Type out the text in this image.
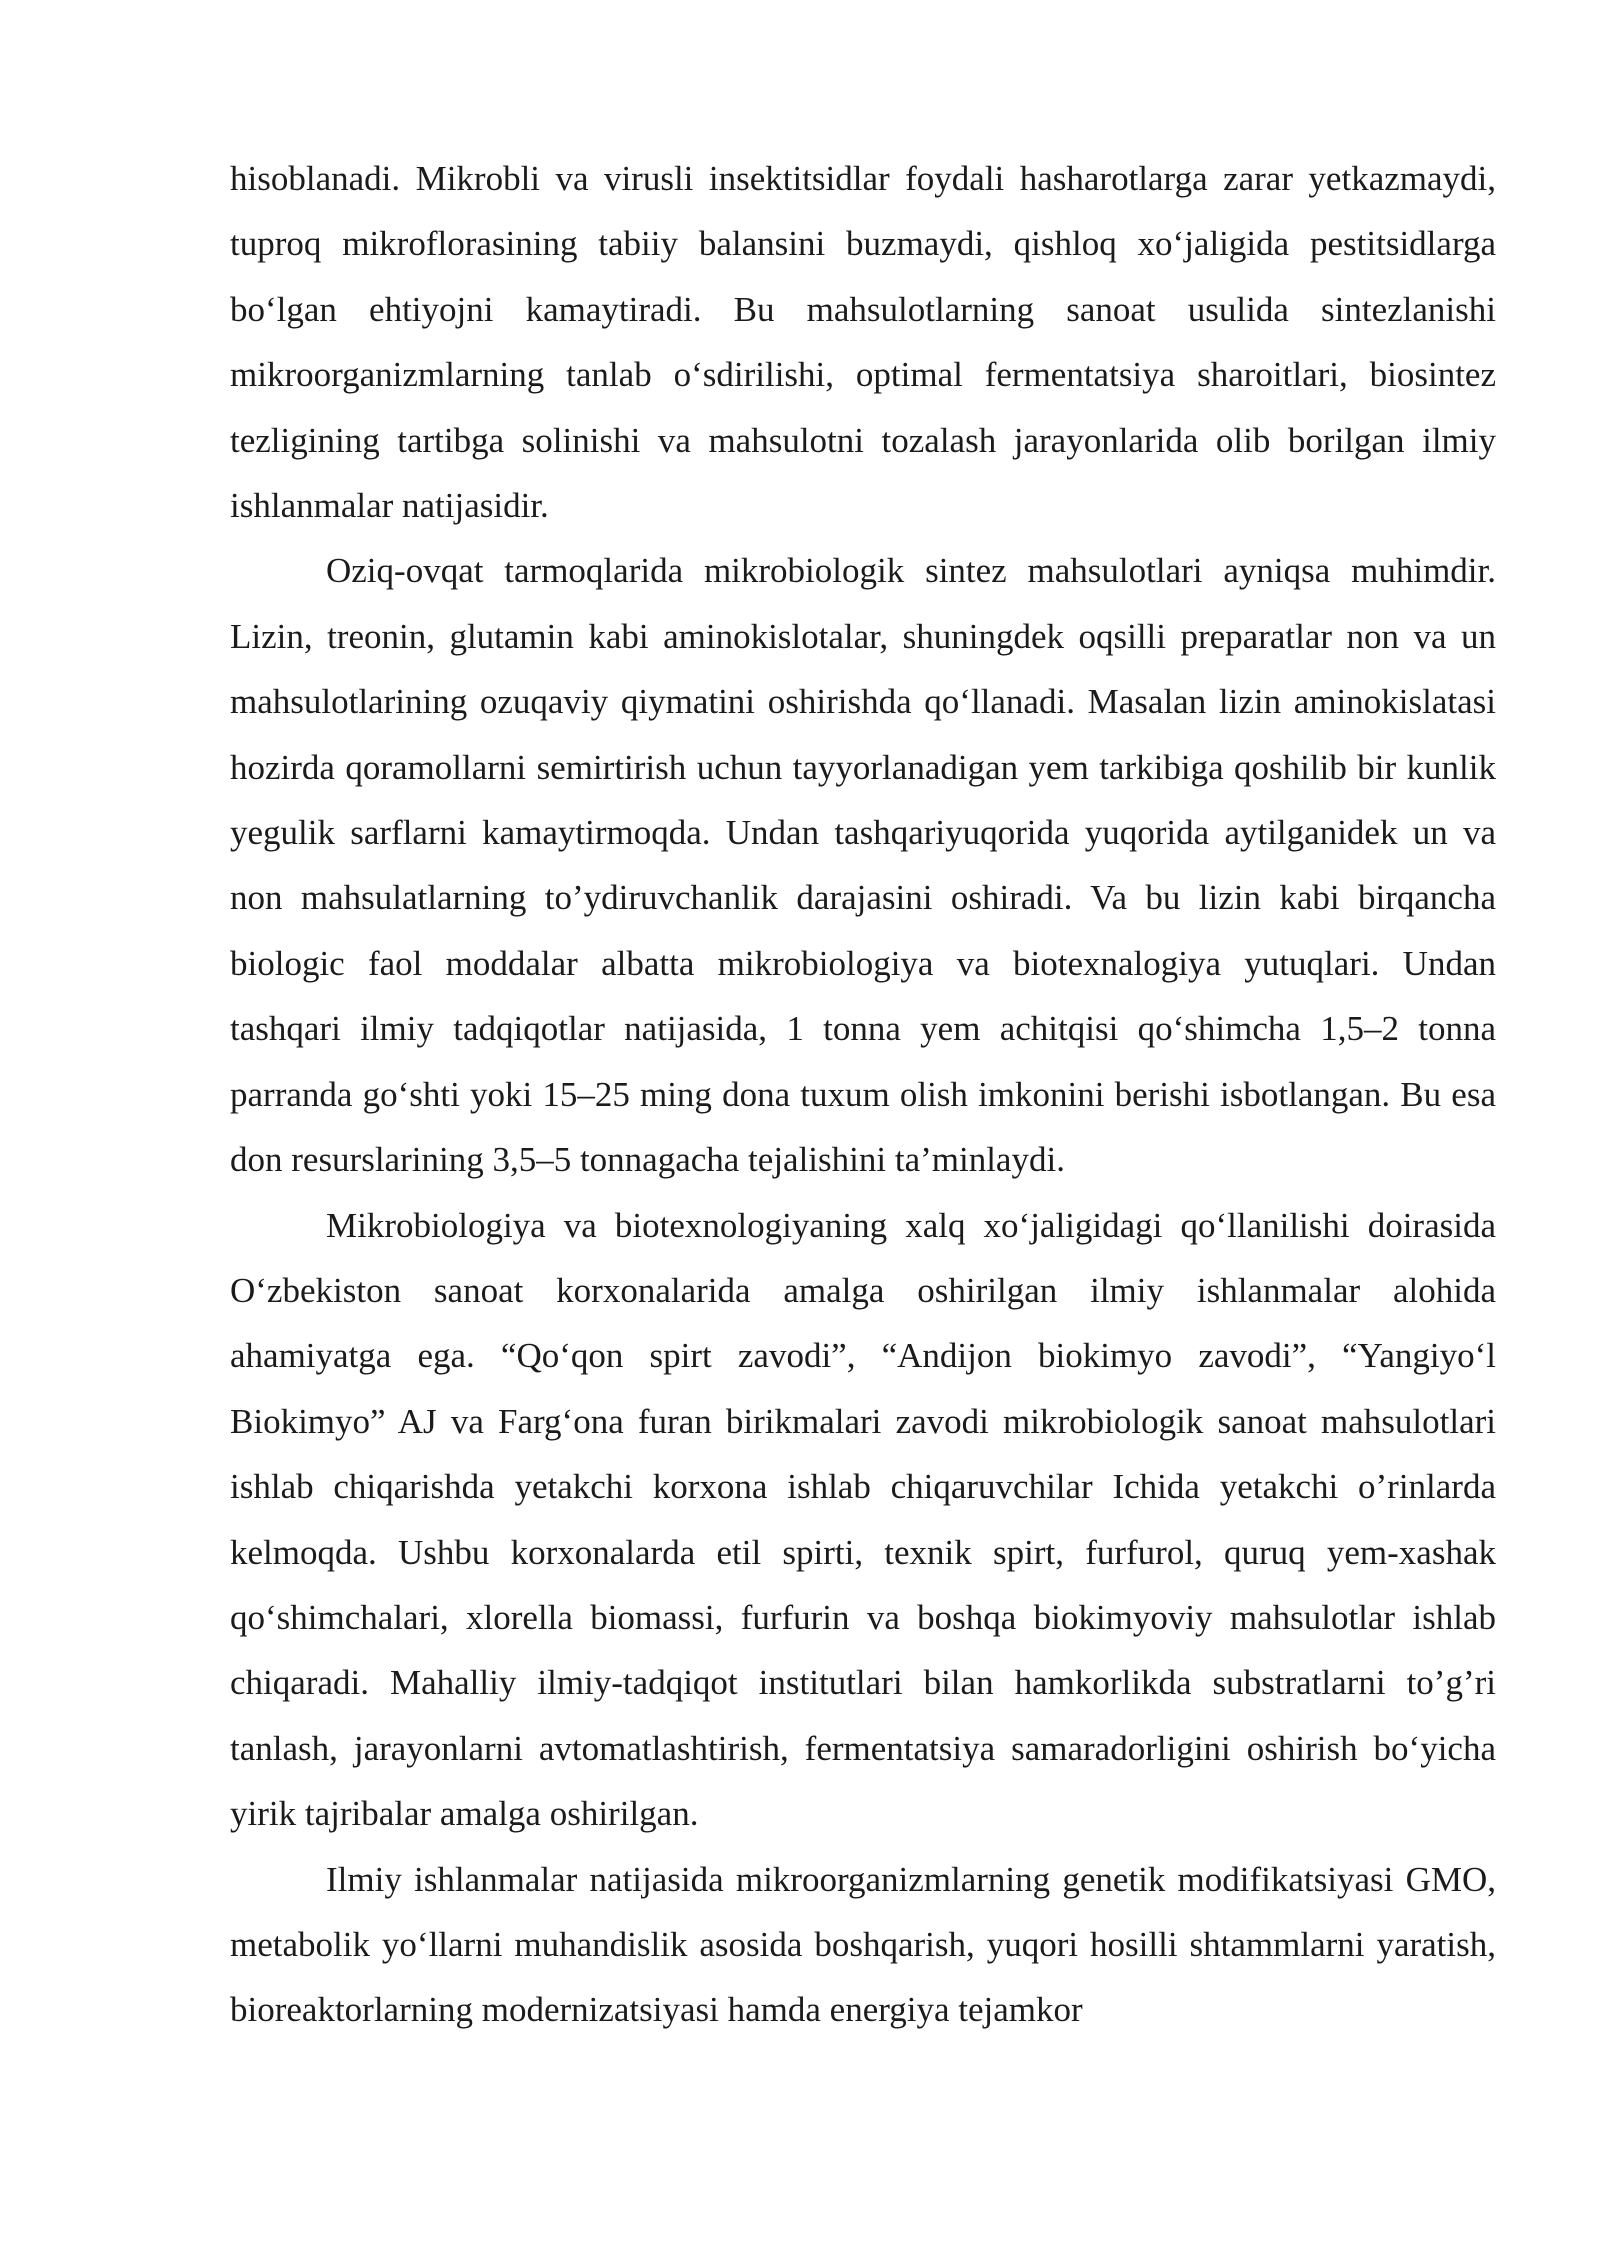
hisoblanadi. Mikrobli va virusli insektitsidlar foydali hasharotlarga zarar yetkazmaydi, tuproq mikroflorasining tabiiy balansini buzmaydi, qishloq xo‘jaligida pestitsidlarga bo‘lgan ehtiyojni kamaytiradi. Bu mahsulotlarning sanoat usulida sintezlanishi mikroorganizmlarning tanlab o‘sdirilishi, optimal fermentatsiya sharoitlari, biosintez tezligining tartibga solinishi va mahsulotni tozalash jarayonlarida olib borilgan ilmiy ishlanmalar natijasidir.

Oziq-ovqat tarmoqlarida mikrobiologik sintez mahsulotlari ayniqsa muhimdir. Lizin, treonin, glutamin kabi aminokislotalar, shuningdek oqsilli preparatlar non va un mahsulotlarining ozuqaviy qiymatini oshirishda qo‘llanadi. Masalan lizin aminokislatasi hozirda qoramollarni semirtirish uchun tayyorlanadigan yem tarkibiga qoshilib bir kunlik yegulik sarflarni kamaytirmoqda. Undan tashqariyuqorida yuqorida aytilganidek un va non mahsulatlarning to’ydiruvchanlik darajasini oshiradi. Va bu lizin kabi birqancha biologic faol moddalar albatta mikrobiologiya va biotexnalogiya yutuqlari. Undan tashqari ilmiy tadqiqotlar natijasida, 1 tonna yem achitqisi qo‘shimcha 1,5–2 tonna parranda go‘shti yoki 15–25 ming dona tuxum olish imkonini berishi isbotlangan. Bu esa don resurslarining 3,5–5 tonnagacha tejalishini ta’minlaydi.

Mikrobiologiya va biotexnologiyaning xalq xo‘jaligidagi qo‘llanilishi doirasida O‘zbekiston sanoat korxonalarida amalga oshirilgan ilmiy ishlanmalar alohida ahamiyatga ega. “Qo‘qon spirt zavodi”, “Andijon biokimyo zavodi”, “Yangiyo‘l Biokimyo” AJ va Farg‘ona furan birikmalari zavodi mikrobiologik sanoat mahsulotlari ishlab chiqarishda yetakchi korxona ishlab chiqaruvchilar Ichida yetakchi o’rinlarda kelmoqda. Ushbu korxonalarda etil spirti, texnik spirt, furfurol, quruq yem-xashak qo‘shimchalari, xlorella biomassi, furfurin va boshqa biokimyoviy mahsulotlar ishlab chiqaradi. Mahalliy ilmiy-tadqiqot institutlari bilan hamkorlikda substratlarni to’g’ri tanlash, jarayonlarni avtomatlashtirish, fermentatsiya samaradorligini oshirish bo‘yicha yirik tajribalar amalga oshirilgan.

Ilmiy ishlanmalar natijasida mikroorganizmlarning genetik modifikatsiyasi GMO, metabolik yo‘llarni muhandislik asosida boshqarish, yuqori hosilli shtammlarni yaratish, bioreaktorlarning modernizatsiyasi hamda energiya tejamkor
